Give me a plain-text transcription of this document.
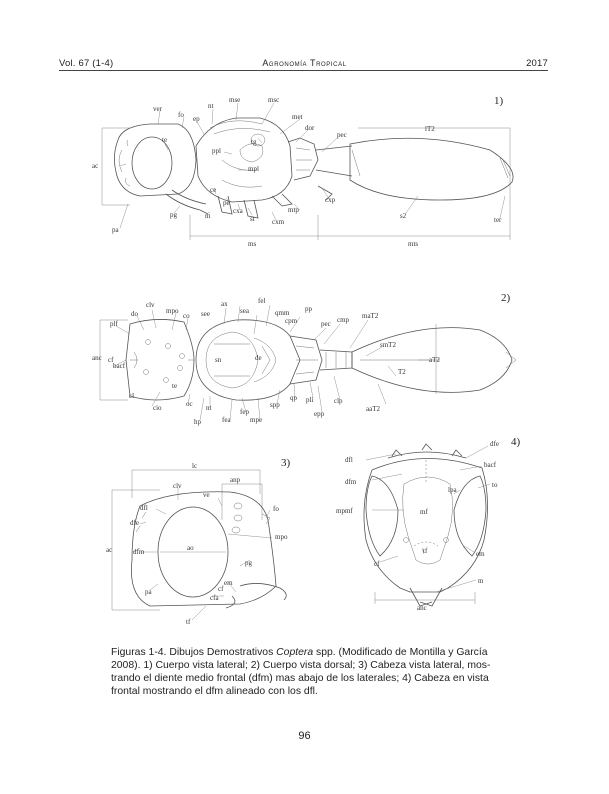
Vol. 67 (1-4)	Agronomía Tropical	2017
1)
ver
fo
nt
mse	msc
ep	met
dor
pec
lT2
ac
te
ppl
tg
mpl
ce
pe
cxa
st cxm
mtp
cxp
s2	ter
pg	m
pa
ms	mts
2)
do
clv
mpo
co see
ax
sea
fel
qmm
cpm
pp
pec cmp maT2
plf
anc cf
bacf
cl
te
cio	oc
sn	de
smT2
aT2
T2
nt
hp	fea
fep
mpe
spp
qp pli
epp
clp
aaT2
3)
lc
anp
clv
ve
dfl	fo
dfe
ac	dfm	ao
mpo
pg
pa
em
cf
cfa
tf
4)
dfe
dfl
bacf
dfm	to
lpa
mpmf	mf
cf
tf	em
m
anc
Figuras 1-4. Dibujos Demostrativos Coptera spp. (Modificado de Montilla y García
2008). 1) Cuerpo vista lateral; 2) Cuerpo vista dorsal; 3) Cabeza vista lateral, mos-
trando el diente medio frontal (dfm) mas abajo de los laterales; 4) Cabeza en vista
frontal mostrando el dfm alineado con los dfl.
96
